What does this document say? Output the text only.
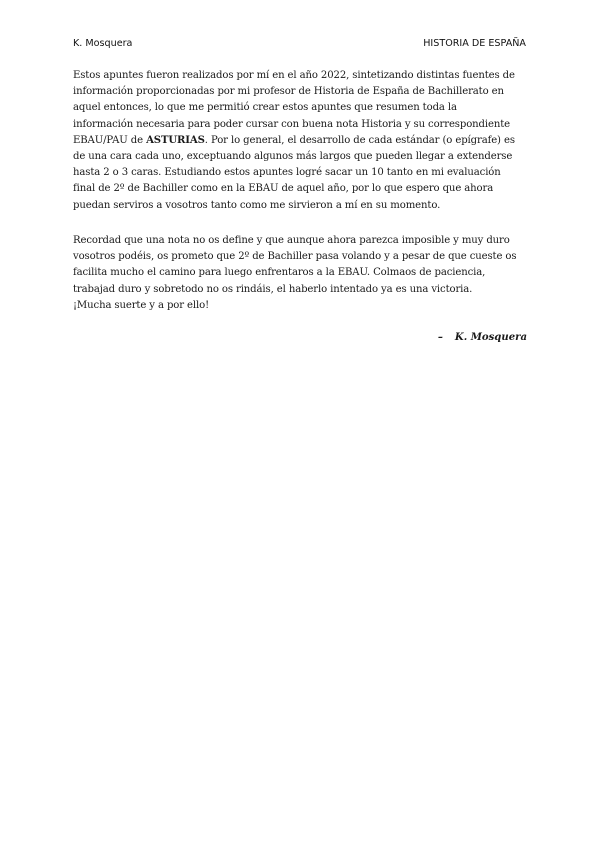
K. Mosquera	HISTORIA DE ESPAÑA
Estos apuntes fueron realizados por mí en el año 2022, sintetizando distintas fuentes de
información proporcionadas por mi profesor de Historia de España de Bachillerato en
aquel entonces, lo que me permitió crear estos apuntes que resumen toda la
información necesaria para poder cursar con buena nota Historia y su correspondiente
EBAU/PAU de ASTURIAS. Por lo general, el desarrollo de cada estándar (o epígrafe) es
de una cara cada uno, exceptuando algunos más largos que pueden llegar a extenderse
hasta 2 o 3 caras. Estudiando estos apuntes logré sacar un 10 tanto en mi evaluación
final de 2º de Bachiller como en la EBAU de aquel año, por lo que espero que ahora
puedan serviros a vosotros tanto como me sirvieron a mí en su momento.
Recordad que una nota no os define y que aunque ahora parezca imposible y muy duro
vosotros podéis, os prometo que 2º de Bachiller pasa volando y a pesar de que cueste os
facilita mucho el camino para luego enfrentaros a la EBAU. Colmaos de paciencia,
trabajad duro y sobretodo no os rindáis, el haberlo intentado ya es una victoria.
¡Mucha suerte y a por ello!
– K. Mosquera
